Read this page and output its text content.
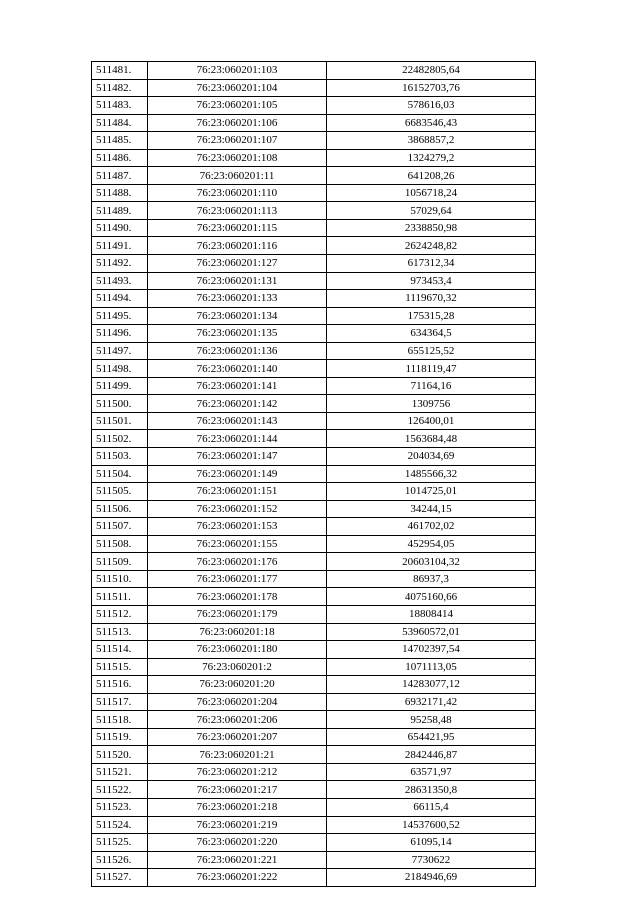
511481.	76:23:060201:103	22482805,64
511482.	76:23:060201:104	16152703,76
511483.	76:23:060201:105	578616,03
511484.	76:23:060201:106	6683546,43
511485.	76:23:060201:107	3868857,2
511486.	76:23:060201:108	1324279,2
511487.	76:23:060201:11	641208,26
511488.	76:23:060201:110	1056718,24
511489.	76:23:060201:113	57029,64
511490.	76:23:060201:115	2338850,98
511491.	76:23:060201:116	2624248,82
511492.	76:23:060201:127	617312,34
511493.	76:23:060201:131	973453,4
511494.	76:23:060201:133	1119670,32
511495.	76:23:060201:134	175315,28
511496.	76:23:060201:135	634364,5
511497.	76:23:060201:136	655125,52
511498.	76:23:060201:140	1118119,47
511499.	76:23:060201:141	71164,16
511500.	76:23:060201:142	1309756
511501.	76:23:060201:143	126400,01
511502.	76:23:060201:144	1563684,48
511503.	76:23:060201:147	204034,69
511504.	76:23:060201:149	1485566,32
511505.	76:23:060201:151	1014725,01
511506.	76:23:060201:152	34244,15
511507.	76:23:060201:153	461702,02
511508.	76:23:060201:155	452954,05
511509.	76:23:060201:176	20603104,32
511510.	76:23:060201:177	86937,3
511511.	76:23:060201:178	4075160,66
511512.	76:23:060201:179	18808414
511513.	76:23:060201:18	53960572,01
511514.	76:23:060201:180	14702397,54
511515.	76:23:060201:2	1071113,05
511516.	76:23:060201:20	14283077,12
511517.	76:23:060201:204	6932171,42
511518.	76:23:060201:206	95258,48
511519.	76:23:060201:207	654421,95
511520.	76:23:060201:21	2842446,87
511521.	76:23:060201:212	63571,97
511522.	76:23:060201:217	28631350,8
511523.	76:23:060201:218	66115,4
511524.	76:23:060201:219	14537600,52
511525.	76:23:060201:220	61095,14
511526.	76:23:060201:221	7730622
511527.	76:23:060201:222	2184946,69
